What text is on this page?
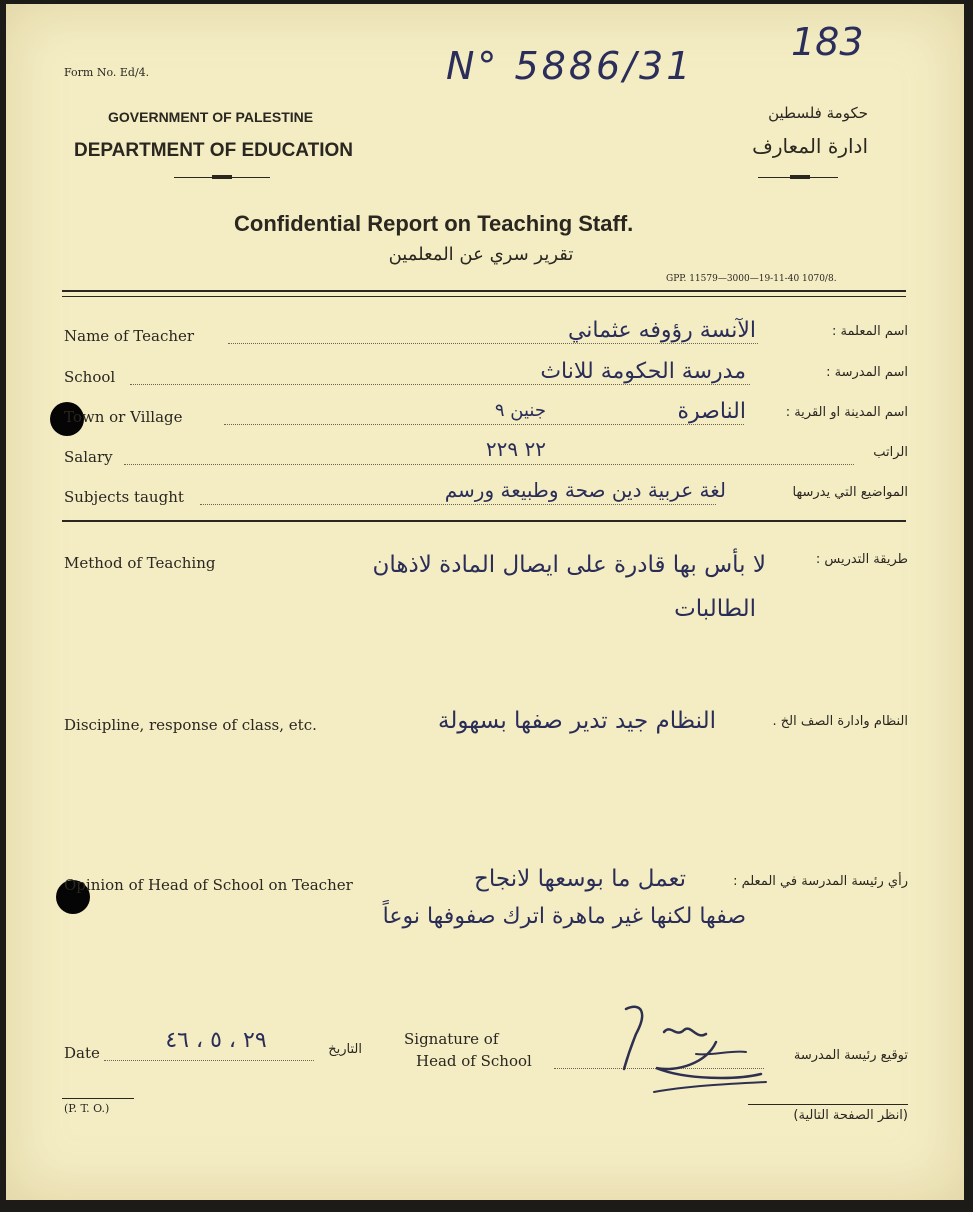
Form No. Ed/4.	N° 5886/31
183
GOVERNMENT OF PALESTINE
DEPARTMENT OF EDUCATION
حكومة فلسطين
ادارة المعارف
Confidential Report on Teaching Staff.
تقرير سري عن المعلمين
GPP. 11579—3000—19-11-40 1070/8.
Name of Teacher	الآنسة رؤوفه عثماني	اسم المعلمة :
School	مدرسة الحكومة للاناث	اسم المدرسة :
Town or Village	جنين ٩	الناصرة	اسم المدينة او القرية :
Salary	٢٢ ٢٢٩	الراتب
Subjects taught	لغة عربية دين صحة وطبيعة ورسم	المواضيع التي يدرسها
Method of Teaching	طريقة التدريس :
لا بأس بها قادرة على ايصال المادة لاذهان
الطالبات
Discipline, response of class, etc.	النظام وادارة الصف الخ .
النظام جيد تدير صفها بسهولة
Opinion of Head of School on Teacher	رأي رئيسة المدرسة في المعلم :
تعمل ما بوسعها لانجاح
صفها لكنها غير ماهرة اترك صفوفها نوعاً
Date	٢٩ ، ٥ ، ٤٦	التاريخ
Signature of
Head of School	توقيع رئيسة المدرسة
(P. T. O.)	(انظر الصفحة التالية)
